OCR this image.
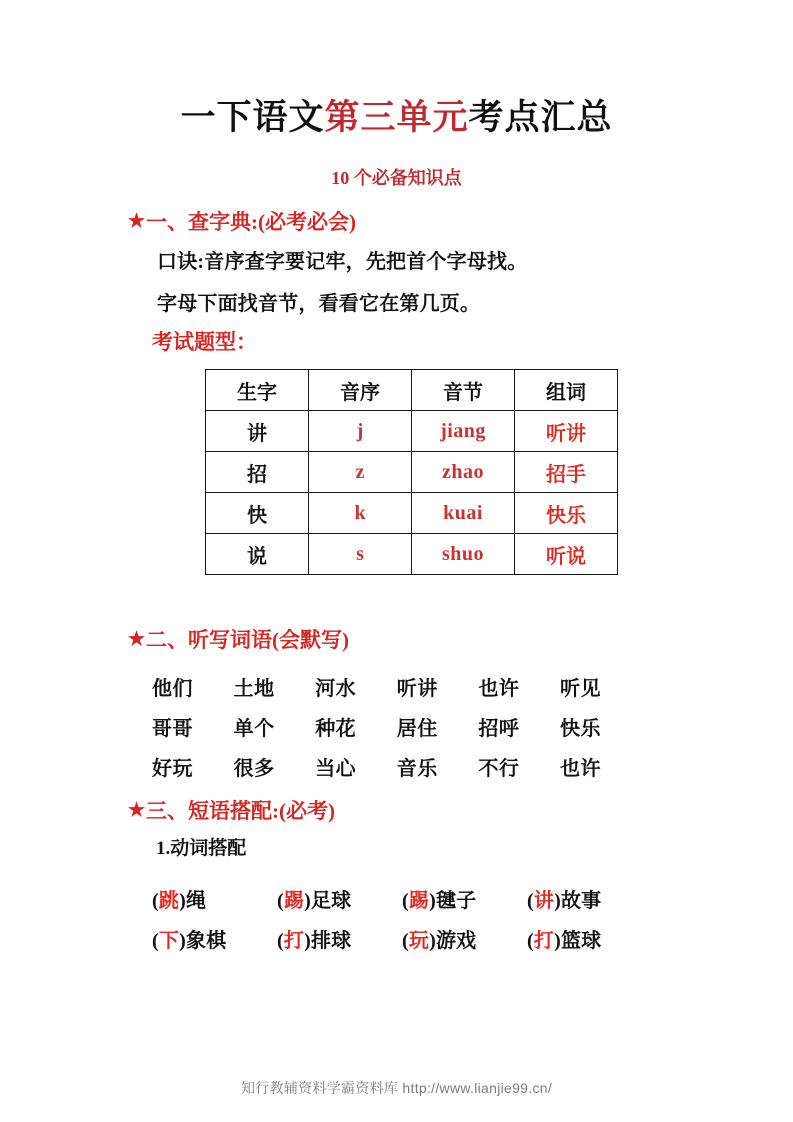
一下语文第三单元考点汇总
10 个必备知识点
★ 一、查字典:(必考必会)
口诀:音序查字要记牢，先把首个字母找。
字母下面找音节，看看它在第几页。
考试题型：
生字	音序	音节	组词
讲	j	jiang	听讲
招	z	zhao	招手
快	k	kuai	快乐
说	s	shuo	听说
★ 二、听写词语(会默写)
他们	土地	河水	听讲	也许	听见
哥哥	单个	种花	居住	招呼	快乐
好玩	很多	当心	音乐	不行	也许
★ 三、短语搭配:(必考)
1.动词搭配
(跳)绳	(踢)足球	(踢)毽子	(讲)故事
(下)象棋	(打)排球	(玩)游戏	(打)篮球
知行教辅资料学霸资料库 http://www.lianjie99.cn/
